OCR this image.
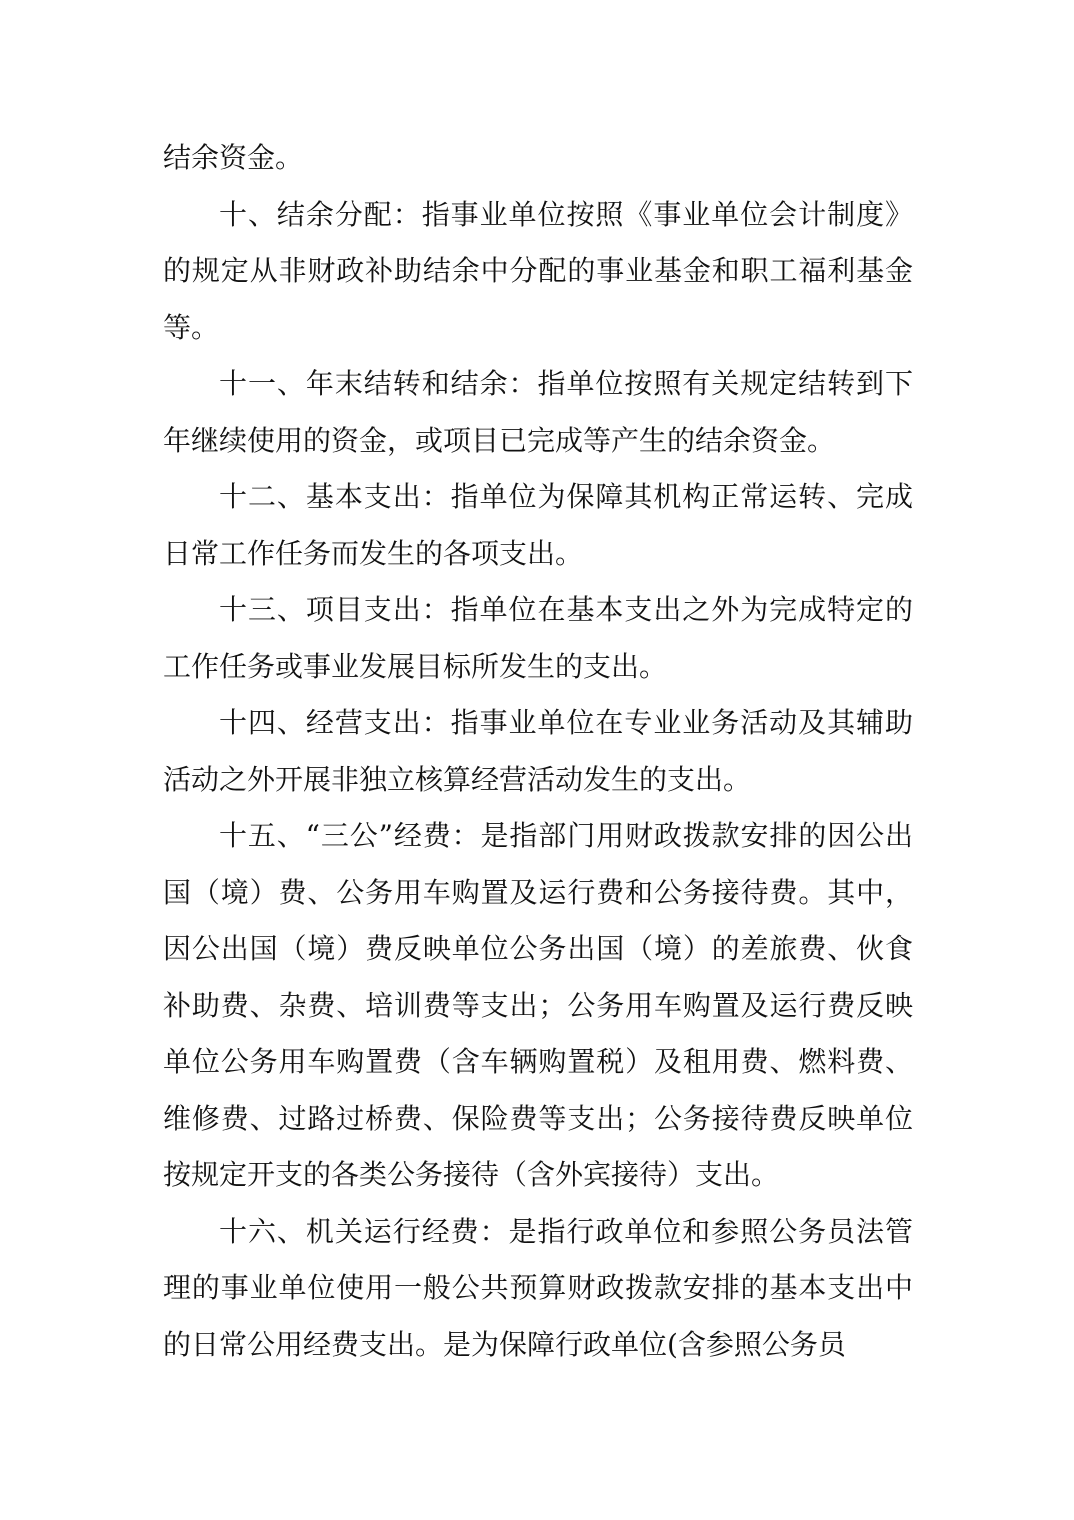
结余资金。

十、结余分配：指事业单位按照《事业单位会计制度》的规定从非财政补助结余中分配的事业基金和职工福利基金等。

十一、年末结转和结余：指单位按照有关规定结转到下年继续使用的资金，或项目已完成等产生的结余资金。

十二、基本支出：指单位为保障其机构正常运转、完成日常工作任务而发生的各项支出。

十三、项目支出：指单位在基本支出之外为完成特定的工作任务或事业发展目标所发生的支出。

十四、经营支出：指事业单位在专业业务活动及其辅助活动之外开展非独立核算经营活动发生的支出。

十五、“三公”经费：是指部门用财政拨款安排的因公出国（境）费、公务用车购置及运行费和公务接待费。其中，因公出国（境）费反映单位公务出国（境）的差旅费、伙食补助费、杂费、培训费等支出；公务用车购置及运行费反映单位公务用车购置费（含车辆购置税）及租用费、燃料费、维修费、过路过桥费、保险费等支出；公务接待费反映单位按规定开支的各类公务接待（含外宾接待）支出。

十六、机关运行经费：是指行政单位和参照公务员法管理的事业单位使用一般公共预算财政拨款安排的基本支出中的日常公用经费支出。是为保障行政单位(含参照公务员
